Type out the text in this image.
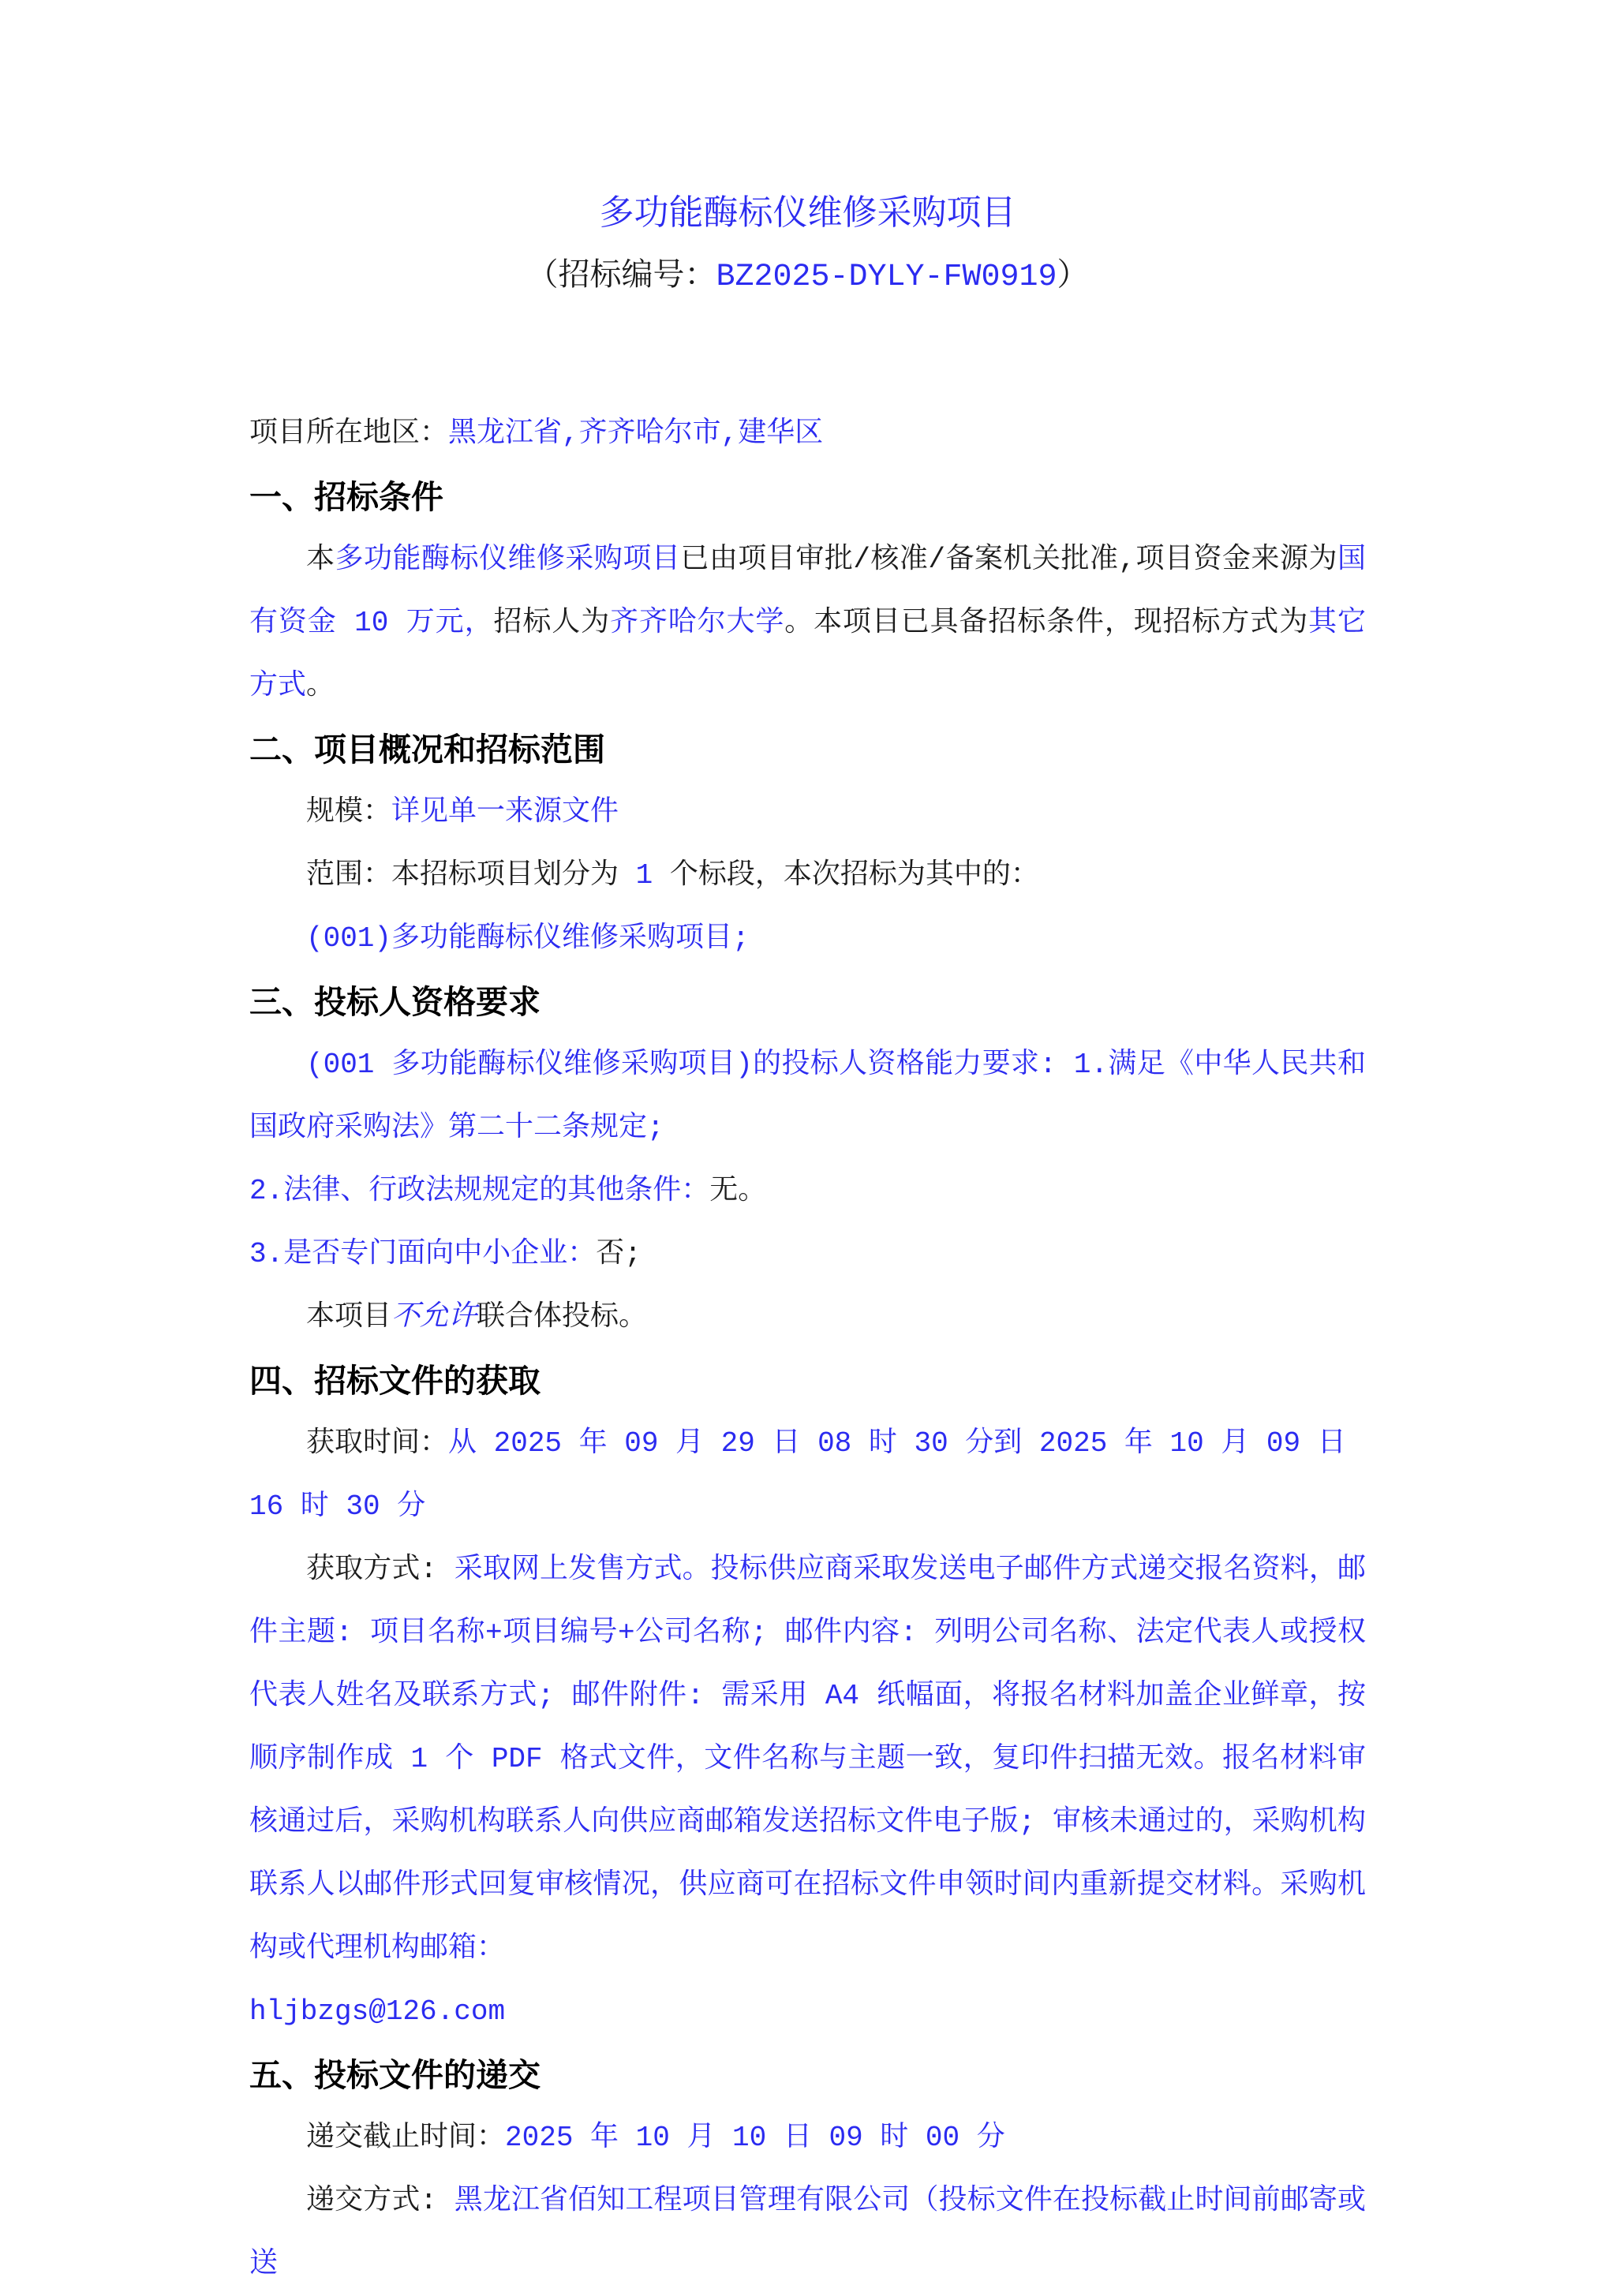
多功能酶标仪维修采购项目
（招标编号：BZ2025-DYLY-FW0919）

项目所在地区：黑龙江省,齐齐哈尔市,建华区

一、招标条件

本多功能酶标仪维修采购项目已由项目审批/核准/备案机关批准,项目资金来源为国有资金 10 万元，招标人为齐齐哈尔大学。本项目已具备招标条件，现招标方式为其它方式。

二、项目概况和招标范围

规模：详见单一来源文件

范围：本招标项目划分为 1 个标段，本次招标为其中的：

(001)多功能酶标仪维修采购项目;

三、投标人资格要求

(001 多功能酶标仪维修采购项目)的投标人资格能力要求: 1.满足《中华人民共和国政府采购法》第二十二条规定;

2.法律、行政法规规定的其他条件：无。

3.是否专门面向中小企业：否;

本项目不允许联合体投标。

四、招标文件的获取

获取时间：从 2025 年 09 月 29 日 08 时 30 分到 2025 年 10 月 09 日 16 时 30 分

获取方式: 采取网上发售方式。投标供应商采取发送电子邮件方式递交报名资料，邮件主题: 项目名称+项目编号+公司名称; 邮件内容: 列明公司名称、法定代表人或授权代表人姓名及联系方式; 邮件附件: 需采用 A4 纸幅面，将报名材料加盖企业鲜章，按顺序制作成 1 个 PDF 格式文件，文件名称与主题一致，复印件扫描无效。报名材料审核通过后，采购机构联系人向供应商邮箱发送招标文件电子版; 审核未通过的，采购机构联系人以邮件形式回复审核情况，供应商可在招标文件申领时间内重新提交材料。采购机构或代理机构邮箱：

hljbzgs@126.com

五、投标文件的递交

递交截止时间：2025 年 10 月 10 日 09 时 00 分

递交方式: 黑龙江省佰知工程项目管理有限公司（投标文件在投标截止时间前邮寄或送
